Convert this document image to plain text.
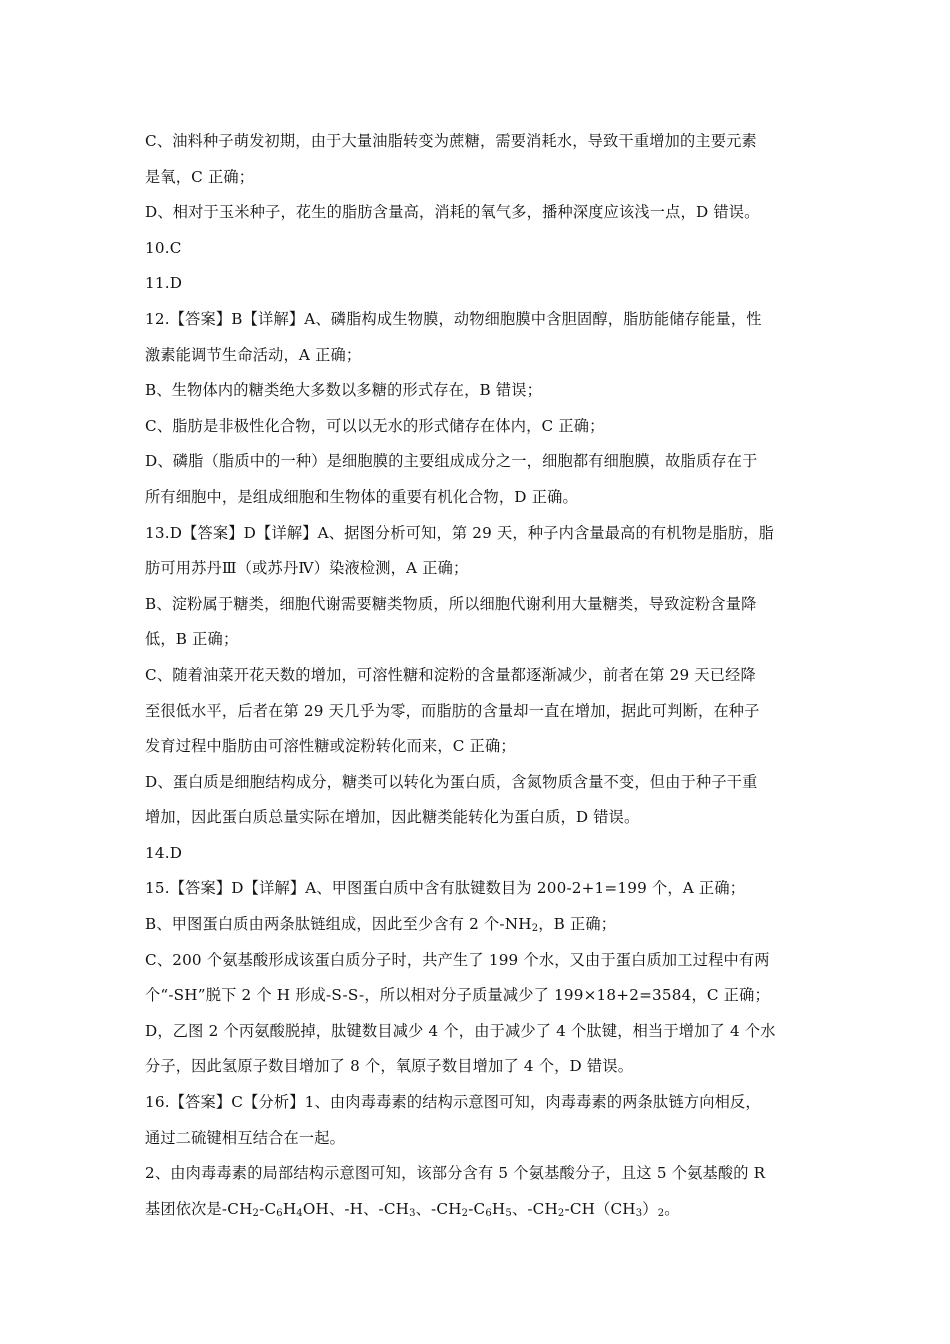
C、油料种子萌发初期，由于大量油脂转变为蔗糖，需要消耗水，导致干重增加的主要元素
是氧，C 正确；
D、相对于玉米种子，花生的脂肪含量高，消耗的氧气多，播种深度应该浅一点，D 错误。
10.C
11.D
12.【答案】B【详解】A、磷脂构成生物膜，动物细胞膜中含胆固醇，脂肪能储存能量，性
激素能调节生命活动，A 正确；
B、生物体内的糖类绝大多数以多糖的形式存在，B 错误；
C、脂肪是非极性化合物，可以以无水的形式储存在体内，C 正确；
D、磷脂（脂质中的一种）是细胞膜的主要组成成分之一，细胞都有细胞膜，故脂质存在于
所有细胞中，是组成细胞和生物体的重要有机化合物，D 正确。
13.D【答案】D【详解】A、据图分析可知，第 29 天，种子内含量最高的有机物是脂肪，脂
肪可用苏丹Ⅲ（或苏丹Ⅳ）染液检测，A 正确；
B、淀粉属于糖类，细胞代谢需要糖类物质，所以细胞代谢利用大量糖类，导致淀粉含量降
低，B 正确；
C、随着油菜开花天数的增加，可溶性糖和淀粉的含量都逐渐减少，前者在第 29 天已经降
至很低水平，后者在第 29 天几乎为零，而脂肪的含量却一直在增加，据此可判断，在种子
发育过程中脂肪由可溶性糖或淀粉转化而来，C 正确；
D、蛋白质是细胞结构成分，糖类可以转化为蛋白质，含氮物质含量不变，但由于种子干重
增加，因此蛋白质总量实际在增加，因此糖类能转化为蛋白质，D 错误。
14.D
15.【答案】D【详解】A、甲图蛋白质中含有肽键数目为 200-2+1=199 个，A 正确；
B、甲图蛋白质由两条肽链组成，因此至少含有 2 个$-NH_2$，B 正确；
C、200 个氨基酸形成该蛋白质分子时，共产生了 199 个水，又由于蛋白质加工过程中有两
个“-SH”脱下 2 个 H 形成-S-S-，所以相对分子质量减少了 199×18+2=3584，C 正确；
D，乙图 2 个丙氨酸脱掉，肽键数目减少 4 个，由于减少了 4 个肽键，相当于增加了 4 个水
分子，因此氢原子数目增加了 8 个，氧原子数目增加了 4 个，D 错误。
16.【答案】C【分析】1、由肉毒毒素的结构示意图可知，肉毒毒素的两条肽链方向相反，
通过二硫键相互结合在一起。
2、由肉毒毒素的局部结构示意图可知，该部分含有 5 个氨基酸分子，且这 5 个氨基酸的 R
基团依次是$-CH_2-C_6H_4OH$、-H、$-CH_3$、$-CH_2-C_6H_5$、$-CH_2-CH(CH_3)_2$。
